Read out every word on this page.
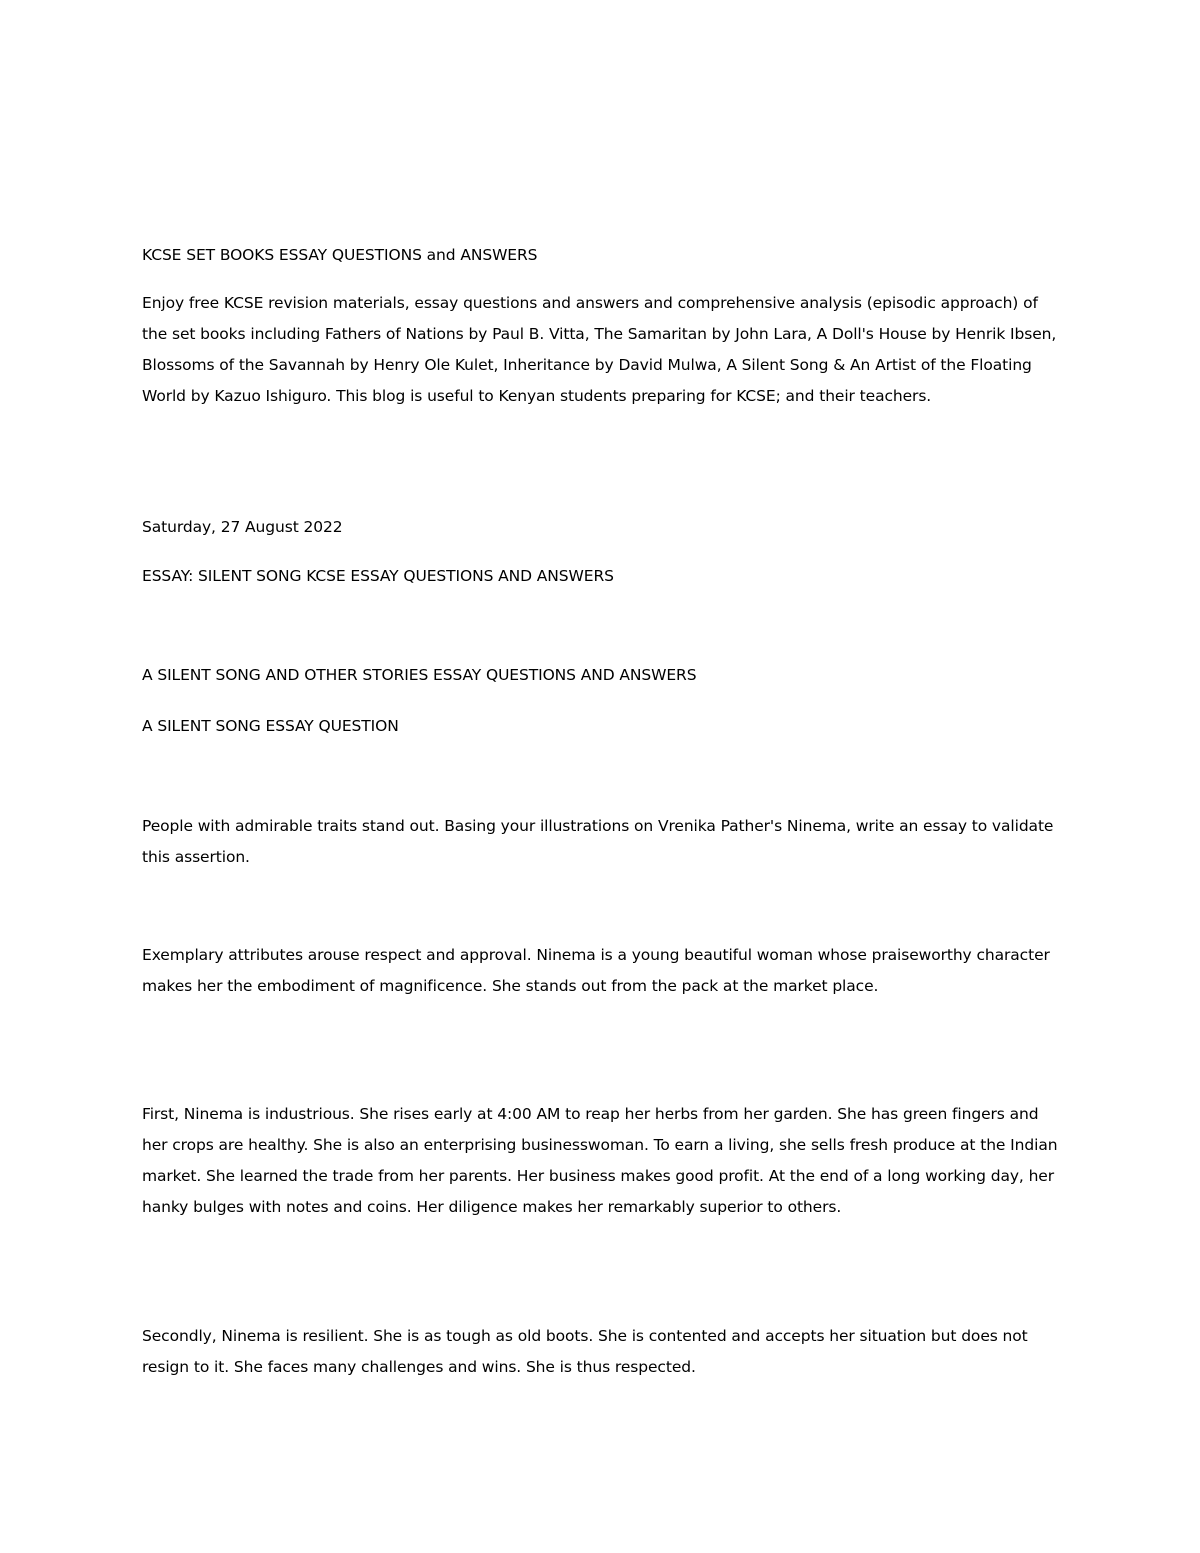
KCSE SET BOOKS ESSAY QUESTIONS and ANSWERS

Enjoy free KCSE revision materials, essay questions and answers and comprehensive analysis (episodic approach) of the set books including Fathers of Nations by Paul B. Vitta, The Samaritan by John Lara, A Doll's House by Henrik Ibsen, Blossoms of the Savannah by Henry Ole Kulet, Inheritance by David Mulwa, A Silent Song & An Artist of the Floating World by Kazuo Ishiguro. This blog is useful to Kenyan students preparing for KCSE; and their teachers.

Saturday, 27 August 2022

ESSAY: SILENT SONG KCSE ESSAY QUESTIONS AND ANSWERS

A SILENT SONG AND OTHER STORIES ESSAY QUESTIONS AND ANSWERS

A SILENT SONG ESSAY QUESTION

People with admirable traits stand out. Basing your illustrations on Vrenika Pather's Ninema, write an essay to validate this assertion.

Exemplary attributes arouse respect and approval. Ninema is a young beautiful woman whose praiseworthy character makes her the embodiment of magnificence. She stands out from the pack at the market place.

First, Ninema is industrious. She rises early at 4:00 AM to reap her herbs from her garden. She has green fingers and her crops are healthy. She is also an enterprising businesswoman. To earn a living, she sells fresh produce at the Indian market. She learned the trade from her parents. Her business makes good profit. At the end of a long working day, her hanky bulges with notes and coins. Her diligence makes her remarkably superior to others.

Secondly, Ninema is resilient. She is as tough as old boots. She is contented and accepts her situation but does not resign to it. She faces many challenges and wins. She is thus respected.
